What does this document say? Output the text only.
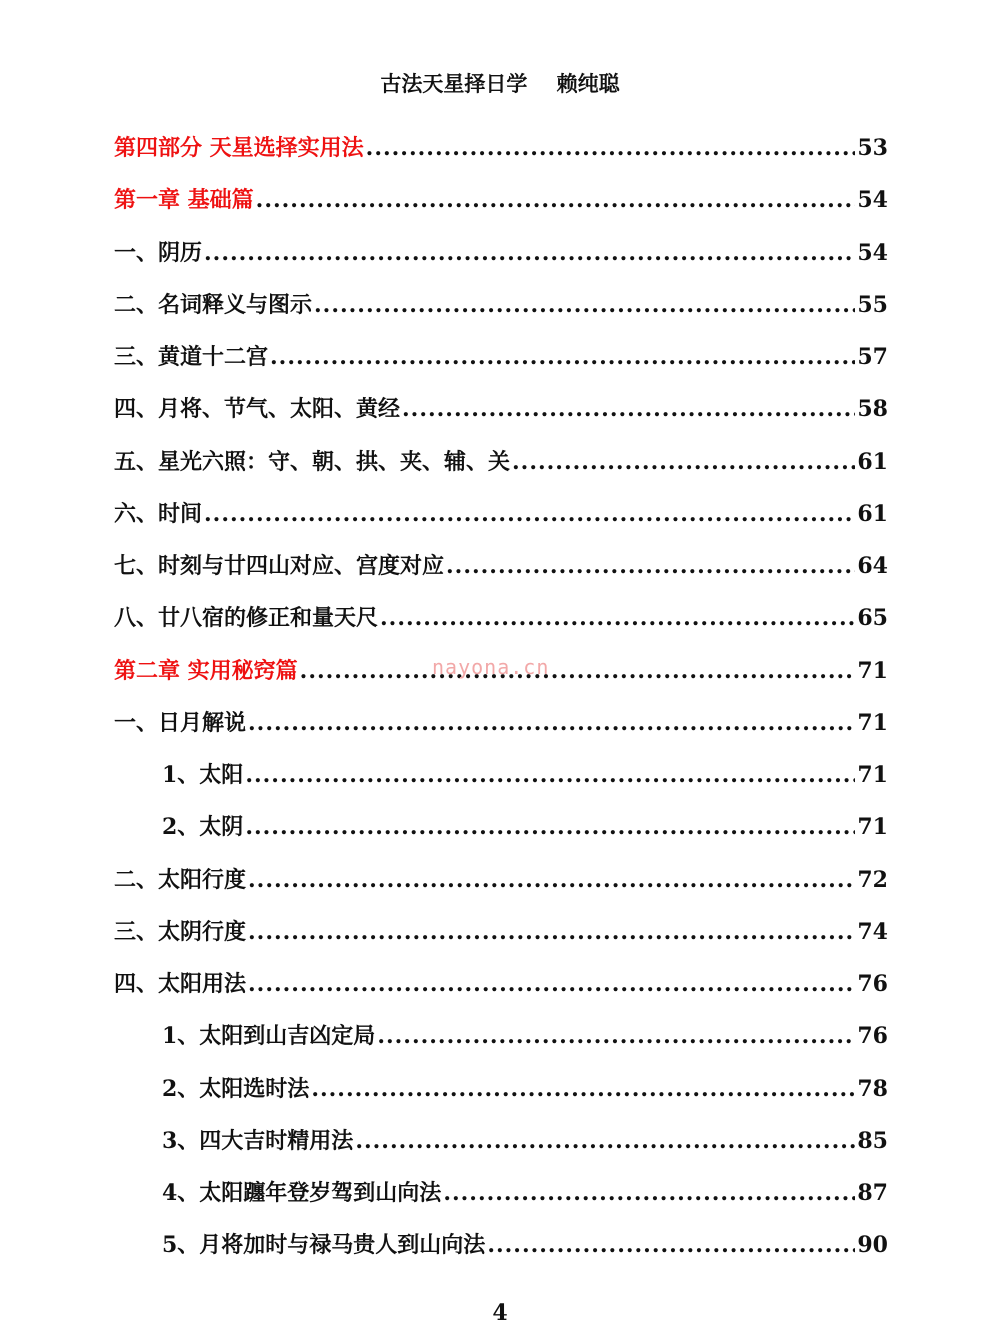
古法天星择日学 赖纯聪
第四部分 天星选择实用法 .....	53
第一章 基础篇 .....	54
一、阴历 .....	54
二、名词释义与图示 .....	55
三、黄道十二宫 .....	57
四、月将、节气、太阳、黄经 .....	58
五、星光六照：守、朝、拱、夹、辅、关 .....	61
六、时间 .....	61
七、时刻与廿四山对应、宫度对应 .....	64
八、廿八宿的修正和量天尺 .....	65
第二章 实用秘窍篇 .....	71
一、日月解说 .....	71
1、太阳 .....	71
2、太阴 .....	71
二、太阳行度 .....	72
三、太阴行度 .....	74
四、太阳用法 .....	76
1、太阳到山吉凶定局 .....	76
2、太阳选时法 .....	78
3、四大吉时精用法 .....	85
4、太阳躔年登岁驾到山向法 .....	87
5、月将加时与禄马贵人到山向法 .....	90
nayona.cn
4
